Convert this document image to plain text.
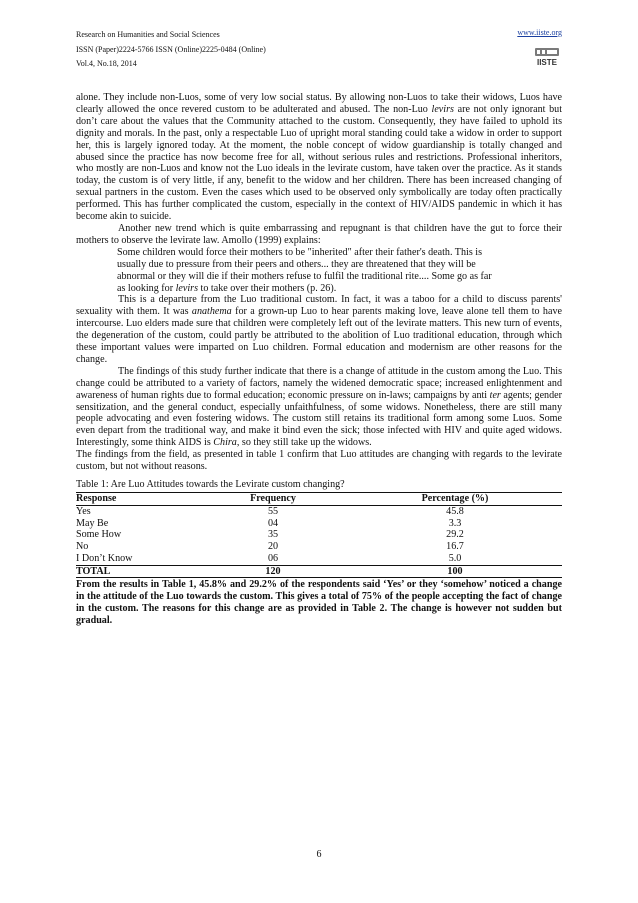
Research on Humanities and Social Sciences
ISSN (Paper)2224-5766 ISSN (Online)2225-0484 (Online)
Vol.4, No.18, 2014
www.iiste.org
IISTE

alone. They include non-Luos, some of very low social status. By allowing non-Luos to take their widows, Luos have clearly allowed the once revered custom to be adulterated and abused. The non-Luo levirs are not only ignorant but don’t care about the values that the Community attached to the custom. Consequently, they have failed to uphold its dignity and morals. In the past, only a respectable Luo of upright moral standing could take a widow in order to support her, this is largely ignored today. At the moment, the noble concept of widow guardianship is totally changed and abused since the practice has now become free for all, without serious rules and restrictions. Professional inheritors, who mostly are non-Luos and know not the Luo ideals in the levirate custom, have taken over the practice. As it stands today, the custom is of very little, if any, benefit to the widow and her children. There has been increased changing of sexual partners in the custom. Even the cases which used to be observed only symbolically are today often practically performed. This has further complicated the custom, especially in the context of HIV/AIDS pandemic in which it has become akin to suicide.

Another new trend which is quite embarrassing and repugnant is that children have the gut to force their mothers to observe the levirate law. Amollo (1999) explains:

Some children would force their mothers to be "inherited" after their father's death. This is

usually due to pressure from their peers and others... they are threatened that they will be

abnormal or they will die if their mothers refuse to fulfil the traditional rite.... Some go as far

as looking for levirs to take over their mothers (p. 26).

This is a departure from the Luo traditional custom. In fact, it was a taboo for a child to discuss parents' sexuality with them. It was anathema for a grown-up Luo to hear parents making love, leave alone tell them to have intercourse. Luo elders made sure that children were completely left out of the levirate matters. This new turn of events, the degeneration of the custom, could partly be attributed to the abolition of Luo traditional education, through which these important values were imparted on Luo children. Formal education and modernism are other reasons for the change.

The findings of this study further indicate that there is a change of attitude in the custom among the Luo. This change could be attributed to a variety of factors, namely the widened democratic space; increased enlightenment and awareness of human rights due to formal education; economic pressure on in-laws; campaigns by anti ter agents; gender sensitization, and the general conduct, especially unfaithfulness, of some widows. Nonetheless, there are still many people advocating and even fostering widows. The custom still retains its traditional form among some Luos. Some even depart from the traditional way, and make it bind even the sick; those infected with HIV and quite aged widows. Interestingly, some think AIDS is Chira, so they still take up the widows.

The findings from the field, as presented in table 1 confirm that Luo attitudes are changing with regards to the levirate custom, but not without reasons.

Table 1: Are Luo Attitudes towards the Levirate custom changing?

Response	Frequency	Percentage (%)
Yes	55	45.8
May Be	04	3.3
Some How	35	29.2
No	20	16.7
I Don’t Know	06	5.0
TOTAL	120	100

From the results in Table 1, 45.8% and 29.2% of the respondents said ‘Yes’ or they ‘somehow’ noticed a change in the attitude of the Luo towards the custom. This gives a total of 75% of the people accepting the fact of change in the custom. The reasons for this change are as provided in Table 2. The change is however not sudden but gradual.

6
